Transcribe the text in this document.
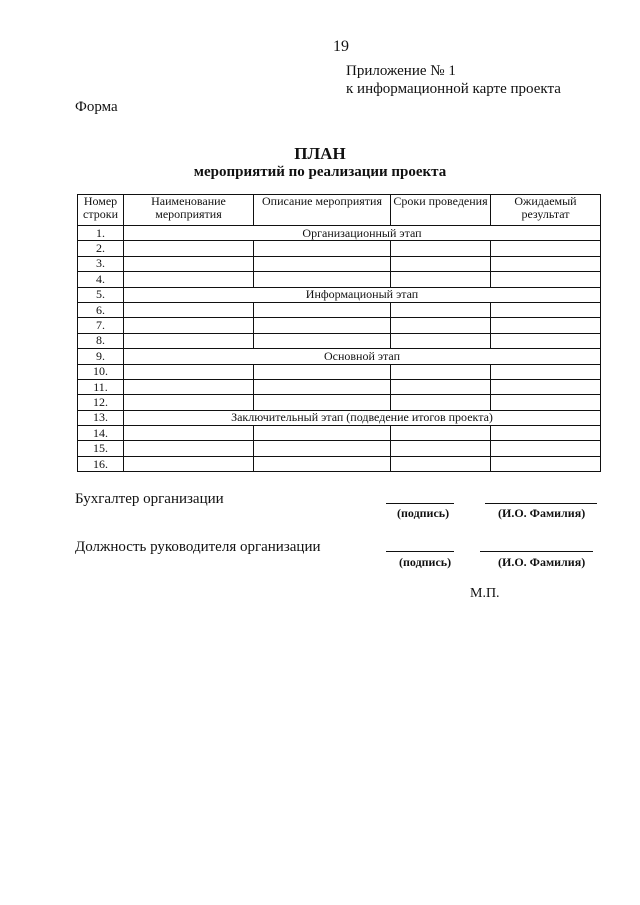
19
Приложение № 1
к информационной карте проекта
Форма
ПЛАН
мероприятий по реализации проекта
Номер строки	Наименование мероприятия	Описание мероприятия	Сроки проведения	Ожидаемый результат
1.	Организационный этап			
2.				
3.				
4.				
5.	Информационый этап			
6.				
7.				
8.				
9.	Основной этап			
10.				
11.				
12.				
13.	Заключительный этап (подведение итогов проекта)			
14.				
15.				
16.				
Бухгалтер организации
(подпись)	(И.О. Фамилия)
Должность руководителя организации
(подпись)	(И.О. Фамилия)
М.П.
